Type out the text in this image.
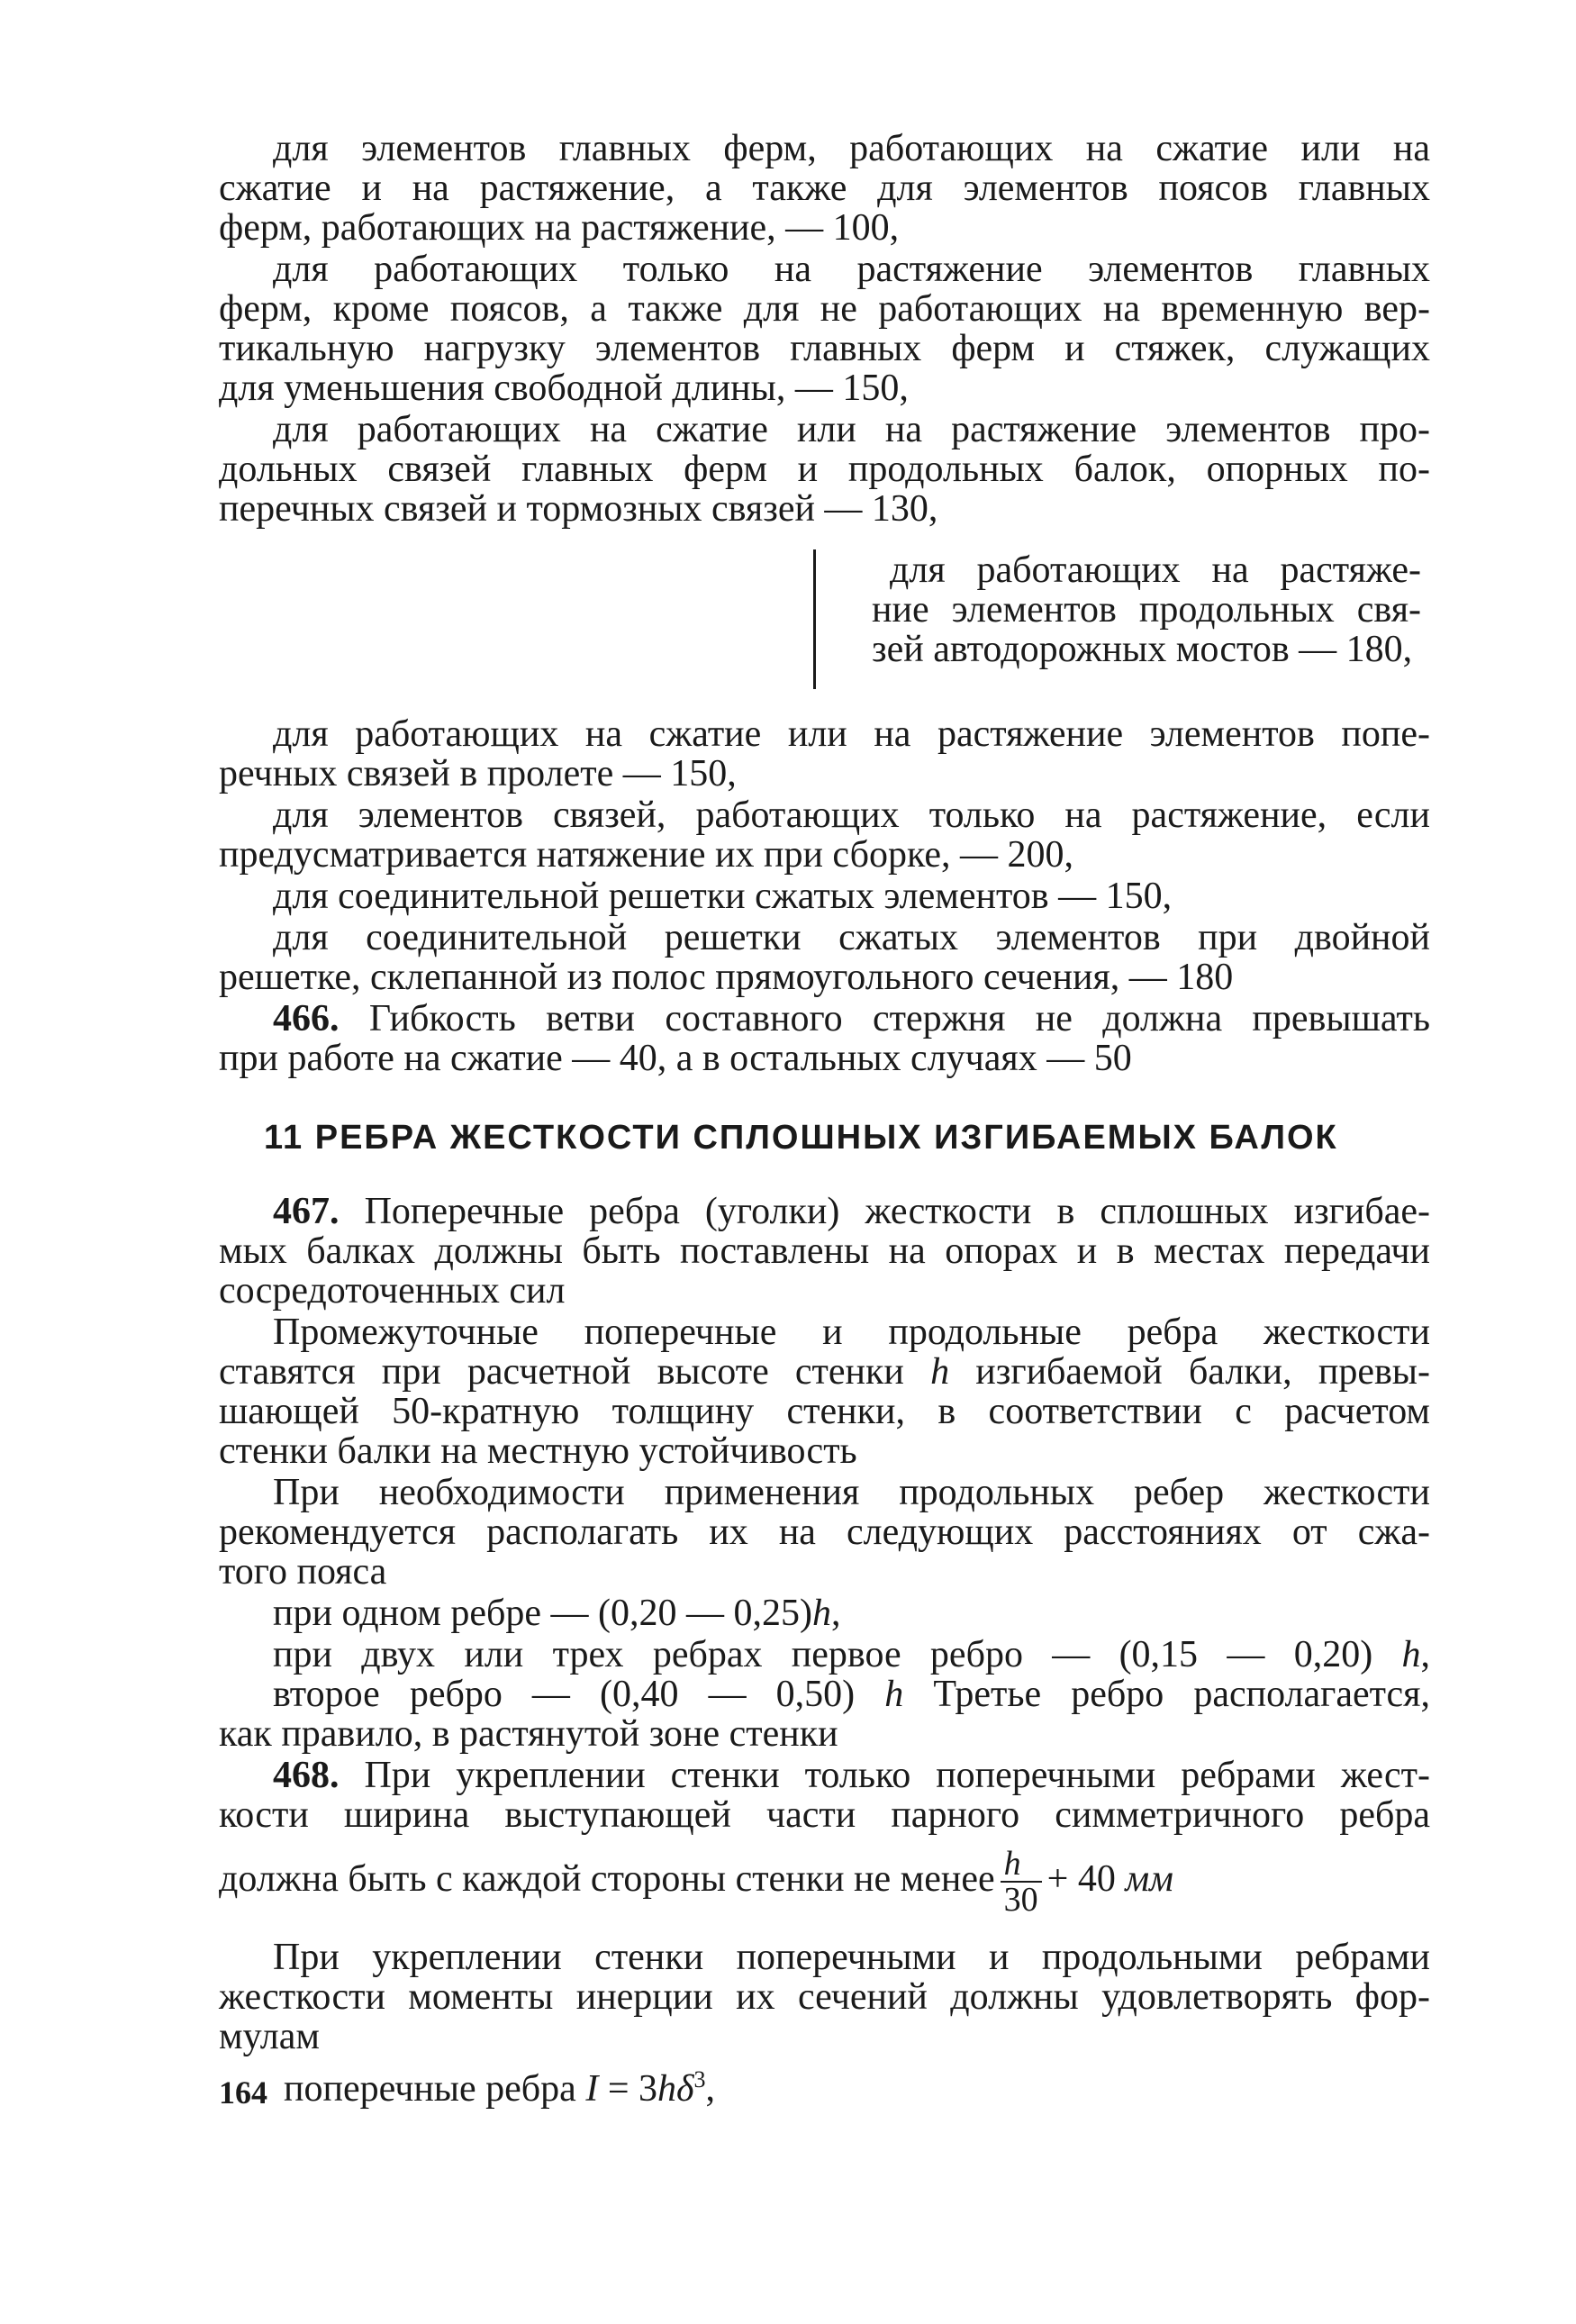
для элементов главных ферм, работающих на сжатие или на
сжатие и на растяжение, а также для элементов поясов главных
ферм, работающих на растяжение, — 100,
для работающих только на растяжение элементов главных
ферм, кроме поясов, а также для не работающих на временную вер-
тикальную нагрузку элементов главных ферм и стяжек, служащих
для уменьшения свободной длины, — 150,
для работающих на сжатие или на растяжение элементов про-
дольных связей главных ферм и продольных балок, опорных по-
перечных связей и тормозных связей — 130,
для работающих на растяже-
ние элементов продольных свя-
зей автодорожных мостов — 180,
для работающих на сжатие или на растяжение элементов попе-
речных связей в пролете — 150,
для элементов связей, работающих только на растяжение, если
предусматривается натяжение их при сборке, — 200,
для соединительной решетки сжатых элементов — 150,
для соединительной решетки сжатых элементов при двойной
решетке, склепанной из полос прямоугольного сечения, — 180
466. Гибкость ветви составного стержня не должна превышать
при работе на сжатие — 40, а в остальных случаях — 50
11 РЕБРА ЖЕСТКОСТИ СПЛОШНЫХ ИЗГИБАЕМЫХ БАЛОК
467. Поперечные ребра (уголки) жесткости в сплошных изгибае-
мых балках должны быть поставлены на опорах и в местах передачи
сосредоточенных сил
Промежуточные поперечные и продольные ребра жесткости
ставятся при расчетной высоте стенки h изгибаемой балки, превы-
шающей 50-кратную толщину стенки, в соответствии с расчетом
стенки балки на местную устойчивость
При необходимости применения продольных ребер жесткости
рекомендуется располагать их на следующих расстояниях от сжа-
того пояса
при одном ребре — (0,20 — 0,25)h,
при двух или трех ребрах первое ребро — (0,15 — 0,20) h,
второе ребро — (0,40 — 0,50) h Третье ребро располагается,
как правило, в растянутой зоне стенки
468. При укреплении стенки только поперечными ребрами жест-
кости ширина выступающей части парного симметричного ребра
должна быть с каждой стороны стенки не менее $\frac{h}{30} + 40$ мм
При укреплении стенки поперечными и продольными ребрами
жесткости моменты инерции их сечений должны удовлетворять фор-
мулам
поперечные ребра $I = 3h\delta^3$,
164
